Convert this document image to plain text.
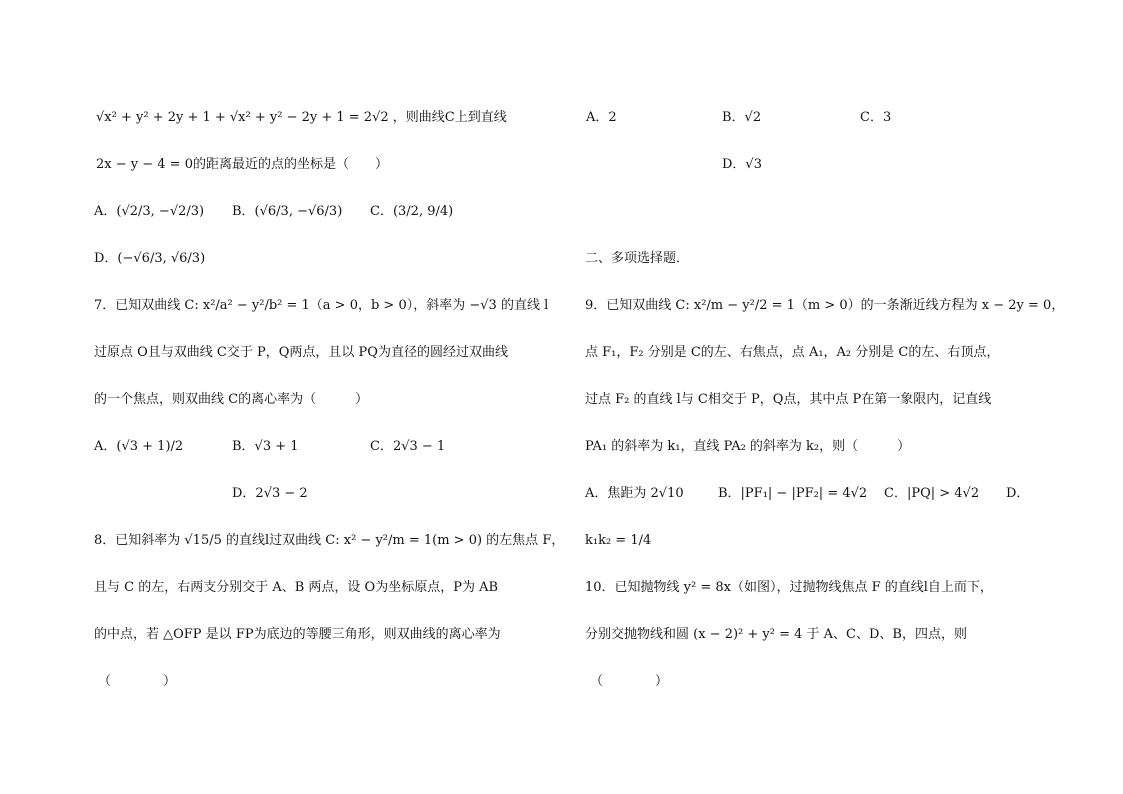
√x² + y² + 2y + 1 + √x² + y² − 2y + 1 = 2√2 ，则曲线C上到直线
2x − y − 4 = 0的距离最近的点的坐标是（　　）
A．(√2/3, −√2/3) B．(√6/3, −√6/3) C．(3/2, 9/4)
D．(−√6/3, √6/3)
7．已知双曲线 C: x²/a² − y²/b² = 1（a > 0，b > 0），斜率为 −√3 的直线 l
过原点 O且与双曲线 C交于 P，Q两点，且以 PQ为直径的圆经过双曲线
的一个焦点，则双曲线 C的离心率为（　　　）
A．(√3 + 1)/2	B．√3 + 1	C．2√3 − 1
D．2√3 − 2
8．已知斜率为 √15/5 的直线l过双曲线 C: x² − y²/m = 1(m > 0) 的左焦点 F，
且与 C 的左，右两支分别交于 A、B 两点，设 O为坐标原点，P为 AB
的中点，若 △OFP 是以 FP为底边的等腰三角形，则双曲线的离心率为
（　　　　）
A．2	B．√2	C．3
D．√3
二、多项选择题．
9．已知双曲线 C: x²/m − y²/2 = 1（m > 0）的一条渐近线方程为 x − 2y = 0，
点 F₁，F₂ 分别是 C的左、右焦点，点 A₁，A₂ 分别是 C的左、右顶点，
过点 F₂ 的直线 l与 C相交于 P，Q点，其中点 P在第一象限内，记直线
PA₁ 的斜率为 k₁，直线 PA₂ 的斜率为 k₂，则（　　　）
A．焦距为 2√10	B．|PF₁| − |PF₂| = 4√2 C．|PQ| > 4√2 D．
k₁k₂ = 1/4
10．已知抛物线 y² = 8x（如图），过抛物线焦点 F 的直线l自上而下，
分别交抛物线和圆 (x − 2)² + y² = 4 于 A、C、D、B，四点，则
（　　　　）
